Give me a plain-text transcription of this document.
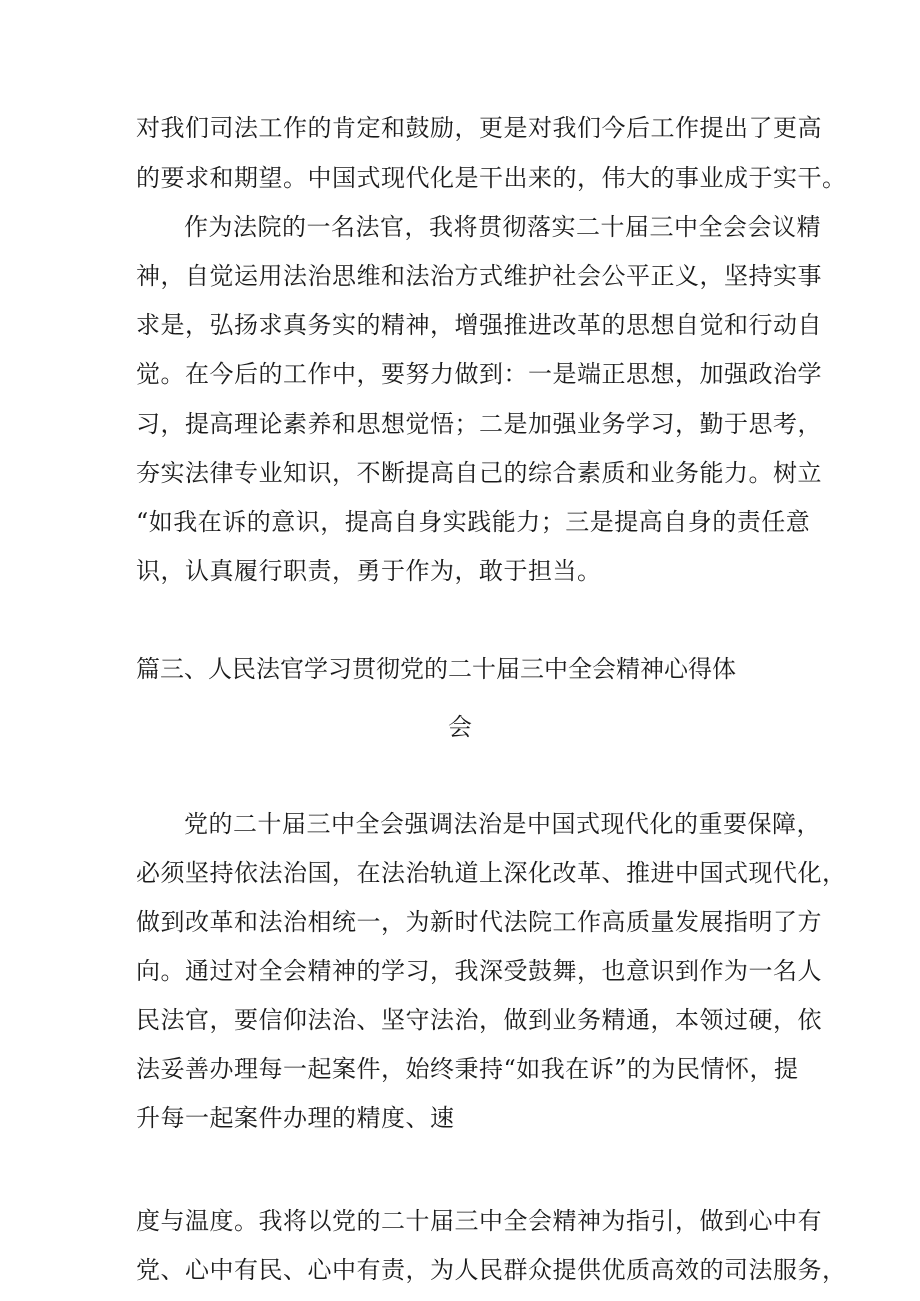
对我们司法工作的肯定和鼓励，更是对我们今后工作提出了更高
的要求和期望。中国式现代化是干出来的，伟大的事业成于实干。
作为法院的一名法官，我将贯彻落实二十届三中全会会议精
神，自觉运用法治思维和法治方式维护社会公平正义，坚持实事
求是，弘扬求真务实的精神，增强推进改革的思想自觉和行动自
觉。在今后的工作中，要努力做到：一是端正思想，加强政治学
习，提高理论素养和思想觉悟；二是加强业务学习，勤于思考，
夯实法律专业知识，不断提高自己的综合素质和业务能力。树立
“如我在诉的意识，提高自身实践能力；三是提高自身的责任意
识，认真履行职责，勇于作为，敢于担当。
篇三、人民法官学习贯彻党的二十届三中全会精神心得体
会
党的二十届三中全会强调法治是中国式现代化的重要保障，
必须坚持依法治国，在法治轨道上深化改革、推进中国式现代化，
做到改革和法治相统一，为新时代法院工作高质量发展指明了方
向。通过对全会精神的学习，我深受鼓舞，也意识到作为一名人
民法官，要信仰法治、坚守法治，做到业务精通，本领过硬，依
法妥善办理每一起案件，始终秉持“如我在诉”的为民情怀，提
升每一起案件办理的精度、速
度与温度。我将以党的二十届三中全会精神为指引，做到心中有
党、心中有民、心中有责，为人民群众提供优质高效的司法服务，
